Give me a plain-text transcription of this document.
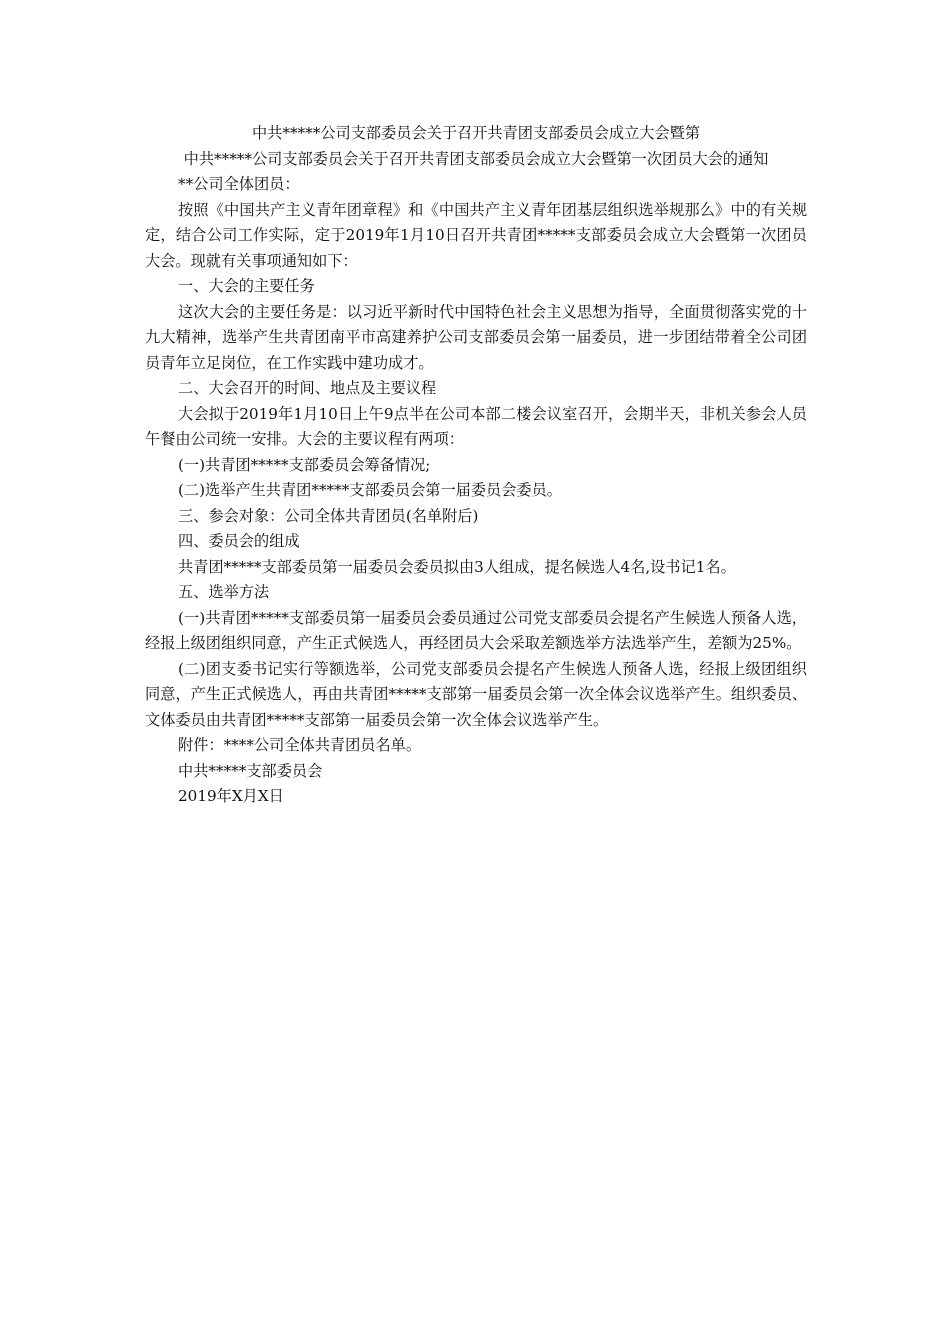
中共*****公司支部委员会关于召开共青团支部委员会成立大会暨第

中共*****公司支部委员会关于召开共青团支部委员会成立大会暨第一次团员大会的通知

**公司全体团员：

按照《中国共产主义青年团章程》和《中国共产主义青年团基层组织选举规那么》中的有关规定，结合公司工作实际，定于2019年1月10日召开共青团*****支部委员会成立大会暨第一次团员大会。现就有关事项通知如下：

一、大会的主要任务

这次大会的主要任务是：以习近平新时代中国特色社会主义思想为指导，全面贯彻落实党的十九大精神，选举产生共青团南平市高建养护公司支部委员会第一届委员，进一步团结带着全公司团员青年立足岗位，在工作实践中建功成才。

二、大会召开的时间、地点及主要议程

大会拟于2019年1月10日上午9点半在公司本部二楼会议室召开，会期半天，非机关参会人员午餐由公司统一安排。大会的主要议程有两项：

(一)共青团*****支部委员会筹备情况;

(二)选举产生共青团*****支部委员会第一届委员会委员。

三、参会对象：公司全体共青团员(名单附后)

四、委员会的组成

共青团*****支部委员第一届委员会委员拟由3人组成，提名候选人4名,设书记1名。

五、选举方法

(一)共青团*****支部委员第一届委员会委员通过公司党支部委员会提名产生候选人预备人选，经报上级团组织同意，产生正式候选人，再经团员大会采取差额选举方法选举产生，差额为25%。

(二)团支委书记实行等额选举，公司党支部委员会提名产生候选人预备人选，经报上级团组织同意，产生正式候选人，再由共青团*****支部第一届委员会第一次全体会议选举产生。组织委员、文体委员由共青团*****支部第一届委员会第一次全体会议选举产生。

附件：****公司全体共青团员名单。

中共*****支部委员会

2019年X月X日
